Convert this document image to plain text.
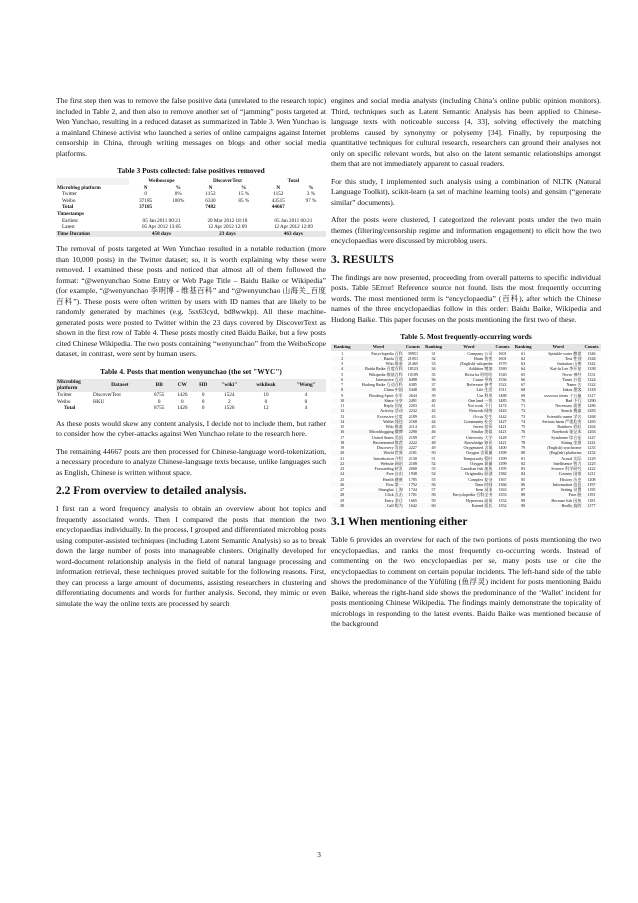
The first step then was to remove the false positive data (unrelated to the research topic) included in Table 2, and then also to remove another set of “jamming” posts targeted at Wen Yunchao, resulting in a reduced dataset as summarized in Table 3. Wen Yunchao is a mainland Chinese activist who launched a series of online campaigns against Internet censorship in China, through writing messages on blogs and other social media platforms.

Table 3 Posts collected: false positives removed
	Weiboscope		DiscoverText		Total	
Microblog platform	N	%	N	%	N	%
Twitter	0	0%	1152	15 %	1152	3 %
Weibo	37185	100%	6330	85 %	43515	97 %
Total	37185		7482		44667	
Timestamps						
Earliest	05 Jan 2011 00:21		20 Mar 2012 18:18		05 Jan 2011 00:21	
Latest	05 Apr 2012 13:05		12 Apr 2012 12:09		12 Apr 2012 12:09	
Time Duration	458 days		23 days		463 days	

The removal of posts targeted at Wen Yunchao resulted in a notable reduction (more than 10,000 posts) in the Twitter dataset; so, it is worth explaining why these were removed. I examined these posts and noticed that almost all of them followed the format: “@wenyunchao Some Entry or Web Page Title – Baidu Baike or Wikipedia” (for example, “@wenyunchao 李明博 - 维基百科” and “@wenyunchao 山海关_百度百科”). These posts were often written by users with ID names that are likely to be randomly generated by machines (e.g. 5sx63cyd, bd8wwkp). All these machine-generated posts were posted to Twitter within the 23 days covered by DiscoverText as shown in the first row of Table 4. These posts mostly cited Baidu Baike, but a few posts cited Chinese Wikipedia. The two posts containing “wenyunchao” from the WeiboScope dataset, in contrast, were sent by human users.

Table 4. Posts that mention wenyunchao (the set "WYC")
Microblog platform	Dataset	BB	CW	HD	"wiki"	wikileak	"Wong"
Twitter	DiscoverText	8755	1426	0	1524	10	4
Weibo	HKU	0	0	0	2	0	0
Total		8755	1426	0	1526	12	4

As these posts would skew any content analysis, I decide not to include them, but rather to consider how the cyber-attacks against Wen Yunchao relate to the research here.

The remaining 44667 posts are then processed for Chinese-language word-tokenization, a necessary procedure to analyze Chinese-language texts because, unlike languages such as English, Chinese is written without space.

2.2 From overview to detailed analysis.

I first ran a word frequency analysis to obtain an overview about hot topics and frequently associated words. Then I compared the posts that mention the two encyclopaedias individually. In the process, I grouped and differentiated microblog posts using computer-assisted techniques (including Latent Semantic Analysis) so as to break down the large number of posts into manageable clusters. Originally developed for word-document relationship analysis in the field of natural language processing and information retrieval, these techniques proved suitable for the following reasons. First, they can process a large amount of documents, assisting researchers in clustering and differentiating documents and words for further analysis. Second, they mimic or even simulate the way the online texts are processed by search

engines and social media analysts (including China’s online public opinion monitors). Third, techniques such as Latent Semantic Analysis has been applied to Chinese-language texts with noticeable success [4, 33], solving effectively the matching problems caused by synonymy or polysemy [34]. Finally, by repurposing the quantitative techniques for cultural research, researchers can ground their analyses not only on specific relevant words, but also on the latent semantic relationships amongst them that are not immediately apparent to casual readers.

For this study, I implemented such analysis using a combination of NLTK (Natural Language Toolkit), scikit-learn (a set of machine learning tools) and gensim (“generate similar” documents).

After the posts were clustered, I categorized the relevant posts under the two main themes (filtering/censorship regime and information engagement) to elicit how the two encyclopaedias were discussed by microblog users.

3. RESULTS

The findings are now presented, proceeding from overall patterns to specific individual posts. Table 5Error! Reference source not found. lists the most frequently occurring words. The most mentioned term is “encyclopaedia” (百科), after which the Chinese names of the three encyclopaedias follow in this order: Baidu Baike, Wikipedia and Hudong Baike. This paper focuses on the posts mentioning the first two of these.

Table 5. Most frequently-occurring words
Ranking	Word	Counts	Ranking	Word	Counts	Ranking	Word	Counts
1	Encyclopedia 百科	39951	31	Company 公司	1601	61	Sprinkle water 撒谎	1346
2	Baidu 百度	21051	32	Harm 伤害	1601	62	Text 性别	1344
3	Wiki 维基	21465	33	(English) wikipedia	1570	63	Imitation 山寨	1342
4	Baidu Baike 百度百科	18123	34	Addition 增加	1569	64	Kai-fu Lee 李开复	1338
5	Wikipedia 维基百科	10189	35	Ha ha ha 哈哈哈	1540	65	Nerve 神经	1331
6	Interactive 互动	6498	36	Cause 导致	1536	66	Times 万倍	1324
7	Hudong Baike 互动百科	6385	37	Reference 参考	1522	67	Name 名	1322
8	China 中国	5448	38	Life 生活	1511	68	Inkos 墨客	1318
9	Flooding Spirit 水军	2644	39	Use 利用	1488	69	xxxxxxx times 十万遍	1317
10	Share 分享	2491	40	One land 一块	1485	70	Bad 不行	1290
11	Reply 回复	2203	41	Not work 不行	1474	71	Necessary 需要	1286
12	Activity 活动	2232	42	Network 网络	1443	72	Search 搜索	1283
13	Excessive 过度	2189	43	Occur 发生	1442	73	Scientific name 学名	1268
14	Wallet 钱包	2168	44	Community 社会	1427	74	Serious harm 严重危害	1265
15	Wiki 维基	2114	45	Invest 投资	1421	75	Rainbow 彩虹	1264
16	Microblogging 微博	2290	46	Similar 类似	1421	76	Notebook 笔记本	1263
17	United States 美国	2109	47	University 大学	1428	77	Syndrome 综合征	1247
18	Recommend 推荐	2222	48	Knowledge 知识	1421	78	Sitting 坐着	1241
19	Discovery 发现	2227	49	Oxygenated 含氧	1400	79	(English) synchrome	1235
20	World 世界	2181	50	Oxygen 含氧量	1399	80	(English) platforms	1232
21	Introduction 介绍	2130	51	Temporarily 暂时	1399	81	Actual 实际	1229
22	Website 网站	2108	52	Oxygen 氧量	1399	82	Intellisence 智力	1225
23	Forwarding 转发	2068	53	Canadian fish 加鱼	1395	83	Science 科学研究	1222
24	Free 自由	1938	54	Originality 原创	1382	84	Country 国家	1211
25	Health 健康	1785	55	Complex 复杂	1367	85	History 历史	1208
26	First 第一	1752	56	Time 时间	1366	86	Information 信息	1197
27	Shanghai 上海	1744	57	Item 词条	1363	87	Setting 设置	1195
28	Click 点击	1701	58	Encyclopedia 百科全书	1353	88	Face 脸	1191
29	Entry 条目	1665	59	Hyperoxia 高氧	1352	89	Because fish 因鱼	1181
30	Call 称为	1642	60	Extend 延长	1352	90	Really 真的	1177
3.1 When mentioning either

Table 6 provides an overview for each of the two portions of posts mentioning the two encyclopaedias, and ranks the most frequently co-occurring words. Instead of commenting on the two encyclopaedias per se, many posts use or cite the encyclopaedias to comment on certain popular incidents. The left-hand side of the table shows the predominance of the Yùfúlíng (鱼浮灵) incident for posts mentioning Baidu Baike, whereas the right-hand side shows the predominance of the ‘Wallet’ incident for posts mentioning Chinese Wikipedia. The findings mainly demonstrate the topicality of microblogs in responding to the latest events. Baidu Baike was mentioned because of the background

3
